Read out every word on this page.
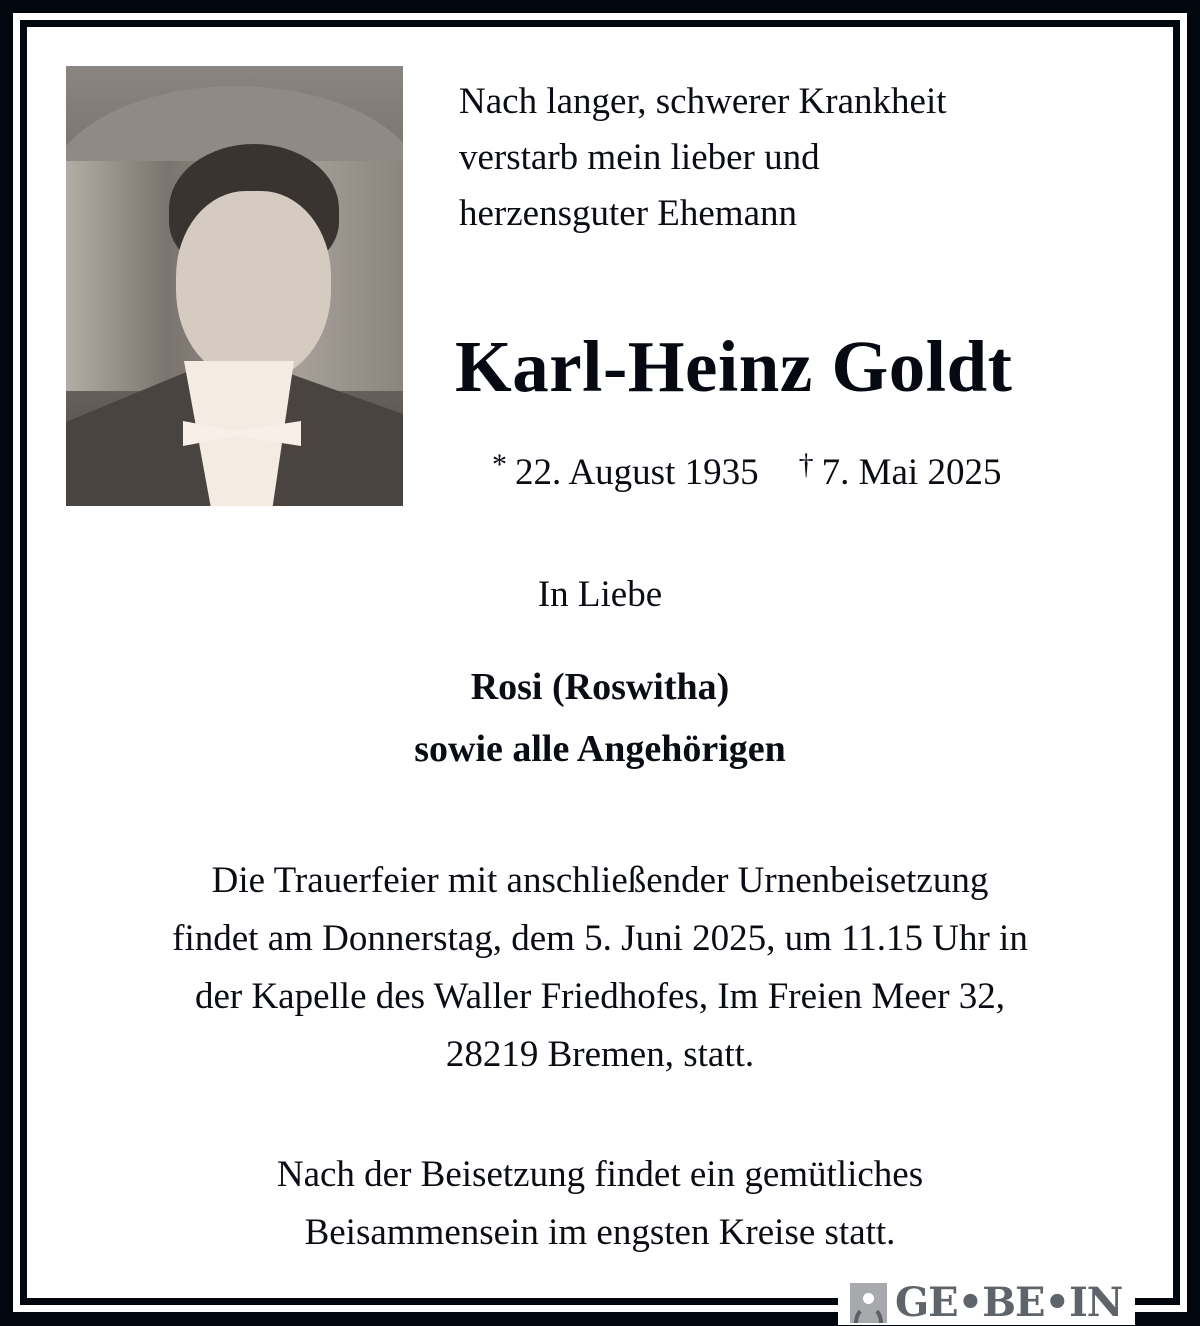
Nach langer, schwerer Krankheit
verstarb mein lieber und
herzensguter Ehemann
Karl-Heinz Goldt
* 22. August 1935 † 7. Mai 2025
In Liebe
Rosi (Roswitha)
sowie alle Angehörigen
Die Trauerfeier mit anschließender Urnenbeisetzung
findet am Donnerstag, dem 5. Juni 2025, um 11.15 Uhr in
der Kapelle des Waller Friedhofes, Im Freien Meer 32,
28219 Bremen, statt.
Nach der Beisetzung findet ein gemütliches
Beisammensein im engsten Kreise statt.
GE•BE•IN
